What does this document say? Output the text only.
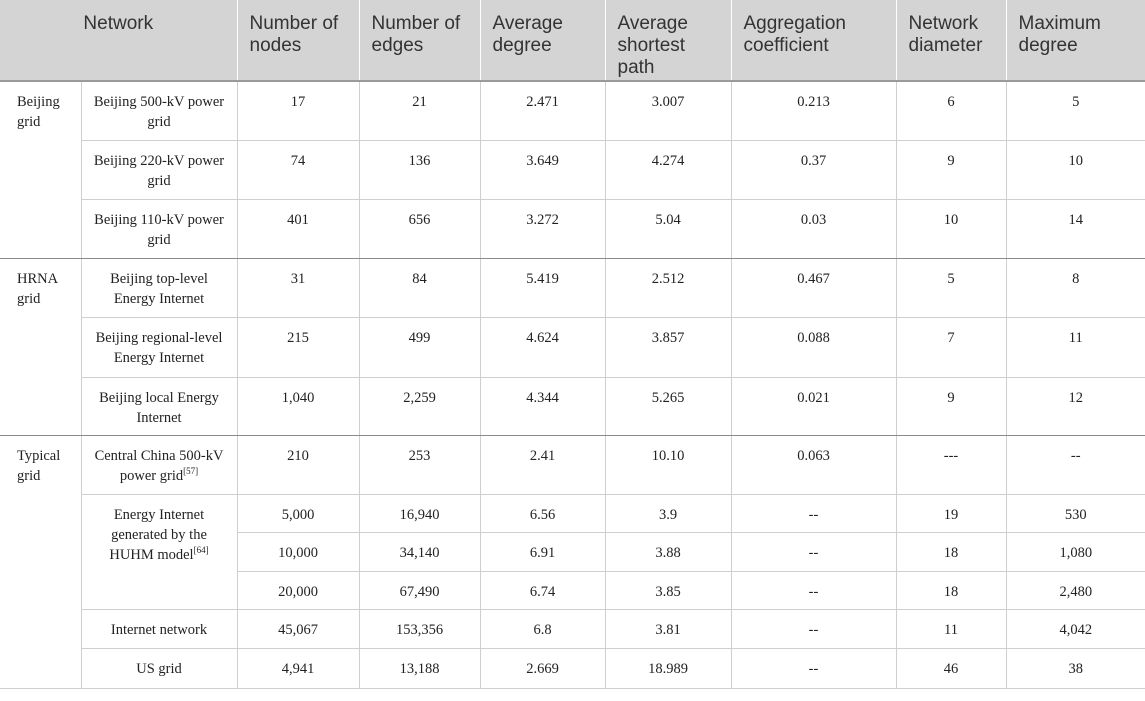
Network		Number of nodes	Number of edges	Average degree	Average shortest path	Aggregation coefficient	Network diameter	Maximum degree
Beijing grid	Beijing 500-kV power grid	17	21	2.471	3.007	0.213	6	5
	Beijing 220-kV power grid	74	136	3.649	4.274	0.37	9	10
	Beijing 110-kV power grid	401	656	3.272	5.04	0.03	10	14
HRNA grid	Beijing top-level Energy Internet	31	84	5.419	2.512	0.467	5	8
	Beijing regional-level Energy Internet	215	499	4.624	3.857	0.088	7	11
	Beijing local Energy Internet	1,040	2,259	4.344	5.265	0.021	9	12
Typical grid	Central China 500-kV power grid[57]	210	253	2.41	10.10	0.063	---	--
	Energy Internet generated by the HUHM model[64]	5,000	16,940	6.56	3.9	--	19	530
		10,000	34,140	6.91	3.88	--	18	1,080
		20,000	67,490	6.74	3.85	--	18	2,480
	Internet network	45,067	153,356	6.8	3.81	--	11	4,042
	US grid	4,941	13,188	2.669	18.989	--	46	38
